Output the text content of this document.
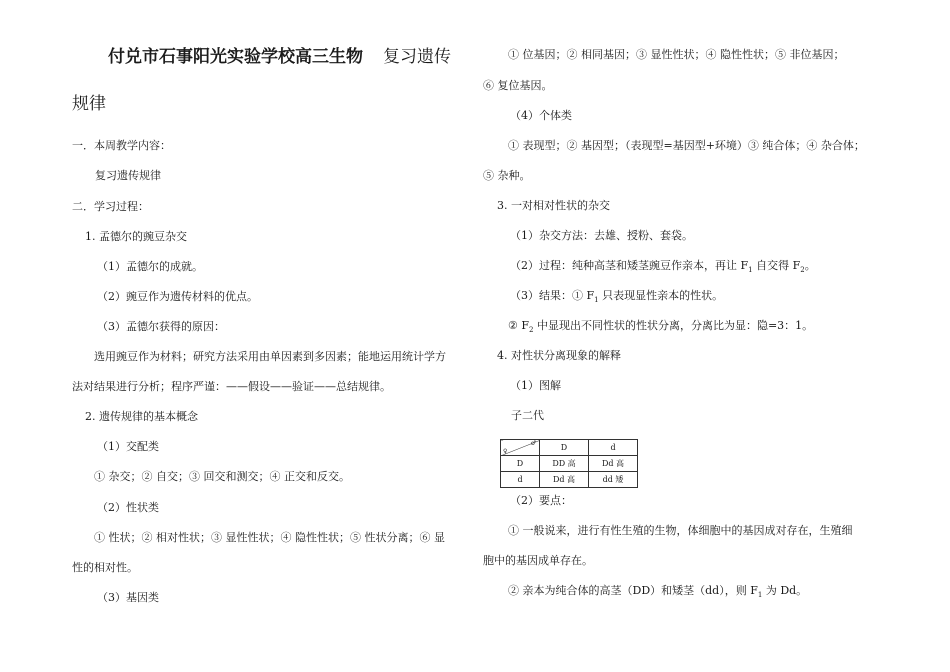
付兑市石事阳光实验学校高三生物 复习遗传
规律
一．本周教学内容：
复习遗传规律
二．学习过程：
1. 孟德尔的豌豆杂交
（1）孟德尔的成就。
（2）豌豆作为遗传材料的优点。
（3）孟德尔获得的原因：
选用豌豆作为材料；研究方法采用由单因素到多因素；能地运用统计学方
法对结果进行分析；程序严谨：——假设——验证——总结规律。
2. 遗传规律的基本概念
（1）交配类
① 杂交；② 自交；③ 回交和测交；④ 正交和反交。
（2）性状类
① 性状；② 相对性状；③ 显性性状；④ 隐性性状；⑤ 性状分离；⑥ 显
性的相对性。
（3）基因类
① 位基因；② 相同基因；③ 显性性状；④ 隐性性状；⑤ 非位基因；
⑥ 复位基因。
（4）个体类
① 表现型；② 基因型；（表现型=基因型+环境）③ 纯合体；④ 杂合体；
⑤ 杂种。
3. 一对相对性状的杂交
（1）杂交方法：去雄、授粉、套袋。
（2）过程：纯种高茎和矮茎豌豆作亲本，再让 $F_1$ 自交得 $F_2$。
（3）结果：① $F_1$ 只表现显性亲本的性状。
② $F_2$ 中显现出不同性状的性状分离，分离比为显：隐=3：1。
4. 对性状分离现象的解释
（1）图解
子二代
♂
♀	D	d
D	DD 高	Dd 高
d	Dd 高	dd 矮
（2）要点：
① 一般说来，进行有性生殖的生物，体细胞中的基因成对存在，生殖细
胞中的基因成单存在。
② 亲本为纯合体的高茎（DD）和矮茎（dd），则 $F_1$ 为 Dd。
